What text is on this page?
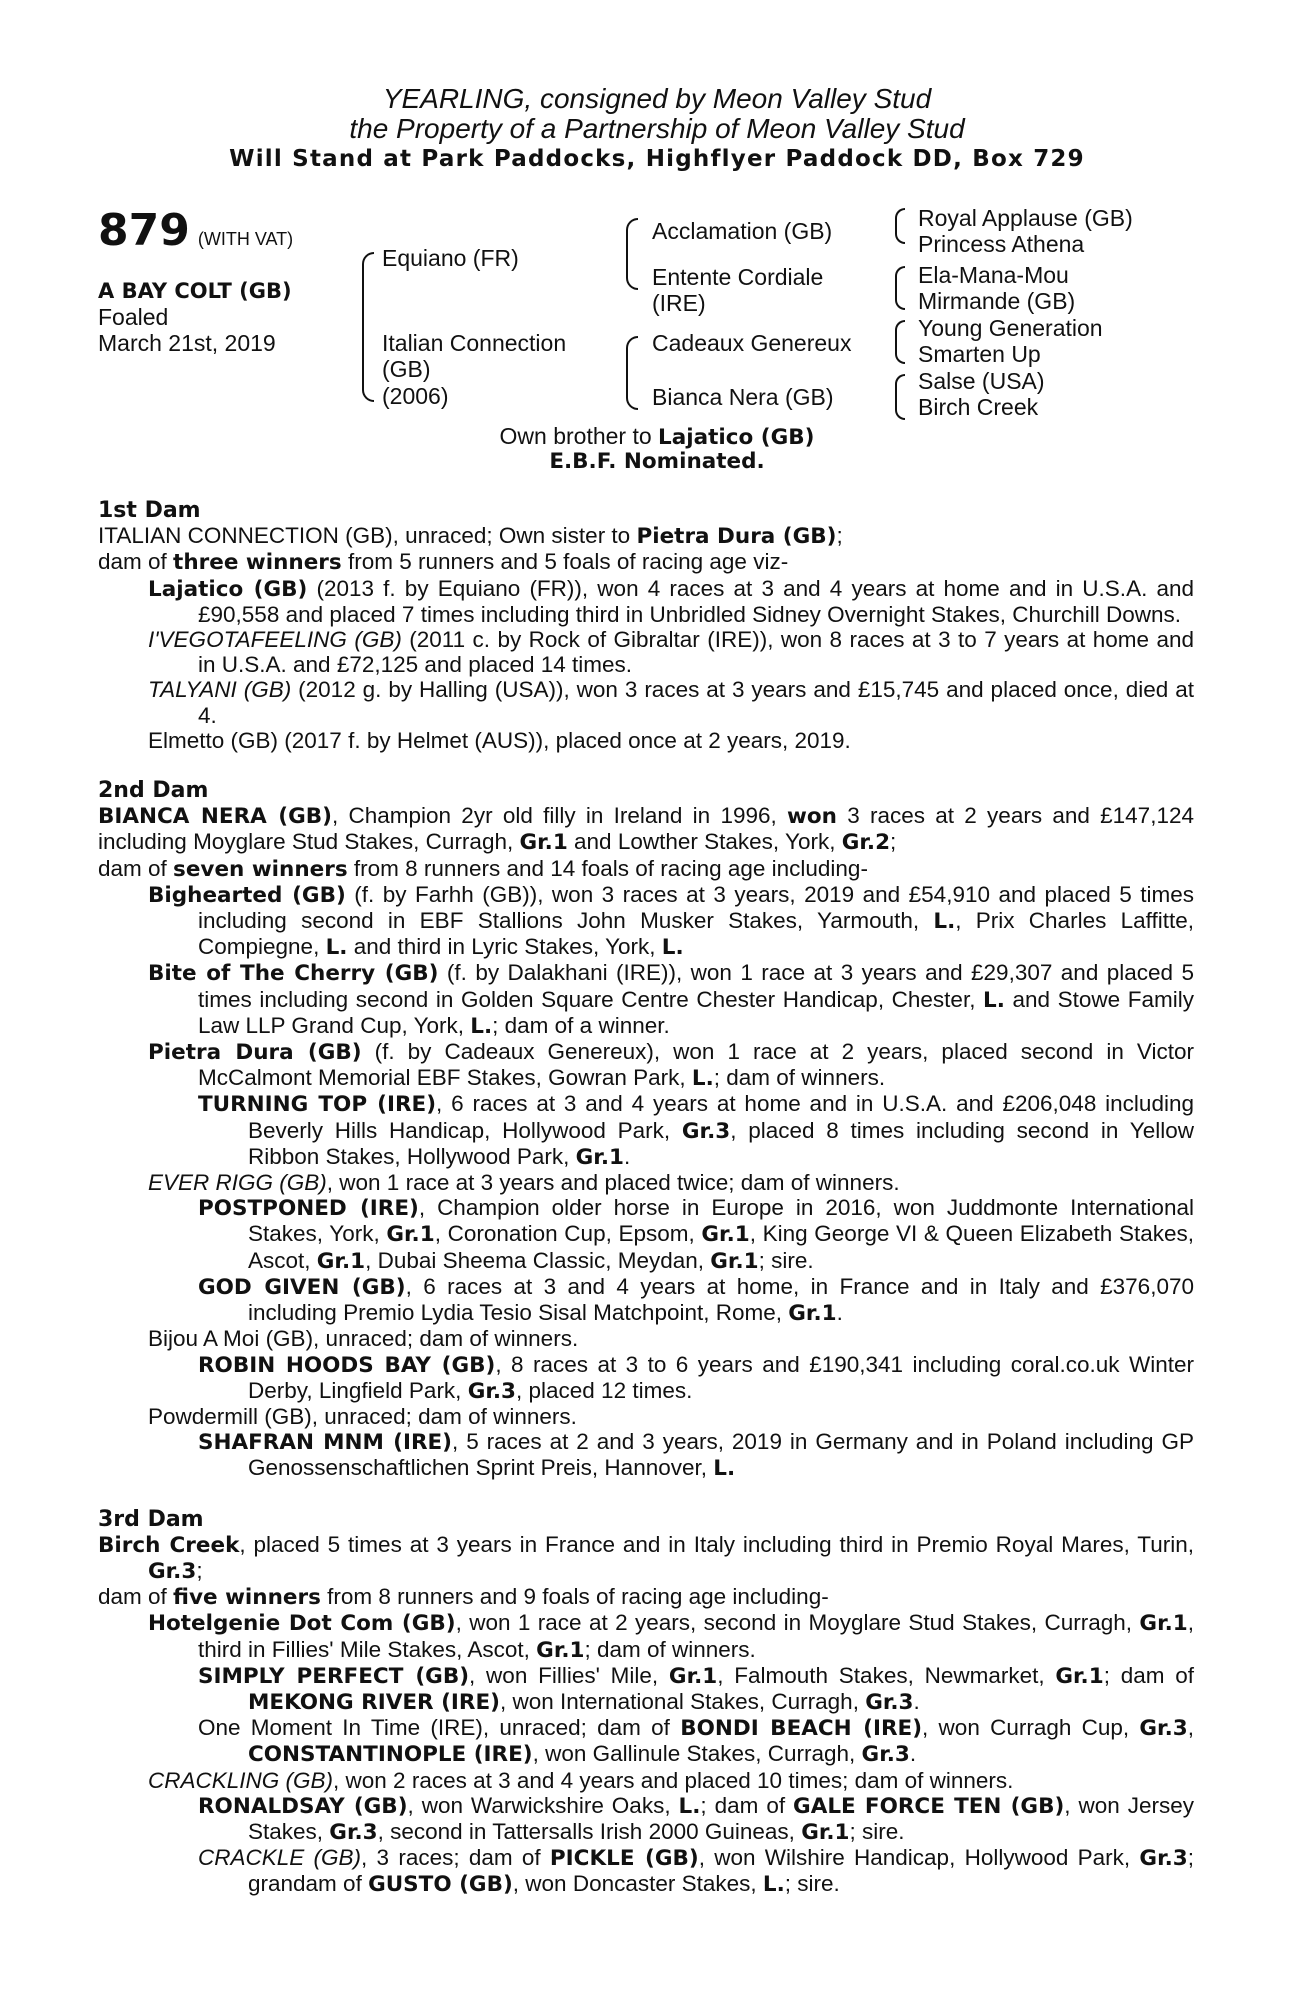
YEARLING, consigned by Meon Valley Stud
the Property of a Partnership of Meon Valley Stud
Will Stand at Park Paddocks, Highflyer Paddock DD, Box 729
879 (WITH VAT)
A BAY COLT (GB)
Foaled
March 21st, 2019
Equiano (FR)
Italian Connection
(GB)
(2006)
Acclamation (GB)
Entente Cordiale
(IRE)
Cadeaux Genereux
Bianca Nera (GB)
Royal Applause (GB)
Princess Athena
Ela-Mana-Mou
Mirmande (GB)
Young Generation
Smarten Up
Salse (USA)
Birch Creek
Own brother to Lajatico (GB)
E.B.F. Nominated.

1st Dam

ITALIAN CONNECTION (GB), unraced; Own sister to Pietra Dura (GB);

dam of three winners from 5 runners and 5 foals of racing age viz-

Lajatico (GB) (2013 f. by Equiano (FR)), won 4 races at 3 and 4 years at home and in U.S.A. and £90,558 and placed 7 times including third in Unbridled Sidney Overnight Stakes, Churchill Downs.

I'VEGOTAFEELING (GB) (2011 c. by Rock of Gibraltar (IRE)), won 8 races at 3 to 7 years at home and in U.S.A. and £72,125 and placed 14 times.

TALYANI (GB) (2012 g. by Halling (USA)), won 3 races at 3 years and £15,745 and placed once, died at 4.

Elmetto (GB) (2017 f. by Helmet (AUS)), placed once at 2 years, 2019.

2nd Dam

BIANCA NERA (GB), Champion 2yr old filly in Ireland in 1996, won 3 races at 2 years and £147,124 including Moyglare Stud Stakes, Curragh, Gr.1 and Lowther Stakes, York, Gr.2;

dam of seven winners from 8 runners and 14 foals of racing age including-

Bighearted (GB) (f. by Farhh (GB)), won 3 races at 3 years, 2019 and £54,910 and placed 5 times including second in EBF Stallions John Musker Stakes, Yarmouth, L., Prix Charles Laffitte, Compiegne, L. and third in Lyric Stakes, York, L.

Bite of The Cherry (GB) (f. by Dalakhani (IRE)), won 1 race at 3 years and £29,307 and placed 5 times including second in Golden Square Centre Chester Handicap, Chester, L. and Stowe Family Law LLP Grand Cup, York, L.; dam of a winner.

Pietra Dura (GB) (f. by Cadeaux Genereux), won 1 race at 2 years, placed second in Victor McCalmont Memorial EBF Stakes, Gowran Park, L.; dam of winners.

TURNING TOP (IRE), 6 races at 3 and 4 years at home and in U.S.A. and £206,048 including Beverly Hills Handicap, Hollywood Park, Gr.3, placed 8 times including second in Yellow Ribbon Stakes, Hollywood Park, Gr.1.

EVER RIGG (GB), won 1 race at 3 years and placed twice; dam of winners.

POSTPONED (IRE), Champion older horse in Europe in 2016, won Juddmonte International Stakes, York, Gr.1, Coronation Cup, Epsom, Gr.1, King George VI & Queen Elizabeth Stakes, Ascot, Gr.1, Dubai Sheema Classic, Meydan, Gr.1; sire.

GOD GIVEN (GB), 6 races at 3 and 4 years at home, in France and in Italy and £376,070 including Premio Lydia Tesio Sisal Matchpoint, Rome, Gr.1.

Bijou A Moi (GB), unraced; dam of winners.

ROBIN HOODS BAY (GB), 8 races at 3 to 6 years and £190,341 including coral.co.uk Winter Derby, Lingfield Park, Gr.3, placed 12 times.

Powdermill (GB), unraced; dam of winners.

SHAFRAN MNM (IRE), 5 races at 2 and 3 years, 2019 in Germany and in Poland including GP Genossenschaftlichen Sprint Preis, Hannover, L.

3rd Dam

Birch Creek, placed 5 times at 3 years in France and in Italy including third in Premio Royal Mares, Turin, Gr.3;

dam of five winners from 8 runners and 9 foals of racing age including-

Hotelgenie Dot Com (GB), won 1 race at 2 years, second in Moyglare Stud Stakes, Curragh, Gr.1, third in Fillies' Mile Stakes, Ascot, Gr.1; dam of winners.

SIMPLY PERFECT (GB), won Fillies' Mile, Gr.1, Falmouth Stakes, Newmarket, Gr.1; dam of MEKONG RIVER (IRE), won International Stakes, Curragh, Gr.3.

One Moment In Time (IRE), unraced; dam of BONDI BEACH (IRE), won Curragh Cup, Gr.3, CONSTANTINOPLE (IRE), won Gallinule Stakes, Curragh, Gr.3.

CRACKLING (GB), won 2 races at 3 and 4 years and placed 10 times; dam of winners.

RONALDSAY (GB), won Warwickshire Oaks, L.; dam of GALE FORCE TEN (GB), won Jersey Stakes, Gr.3, second in Tattersalls Irish 2000 Guineas, Gr.1; sire.

CRACKLE (GB), 3 races; dam of PICKLE (GB), won Wilshire Handicap, Hollywood Park, Gr.3; grandam of GUSTO (GB), won Doncaster Stakes, L.; sire.
